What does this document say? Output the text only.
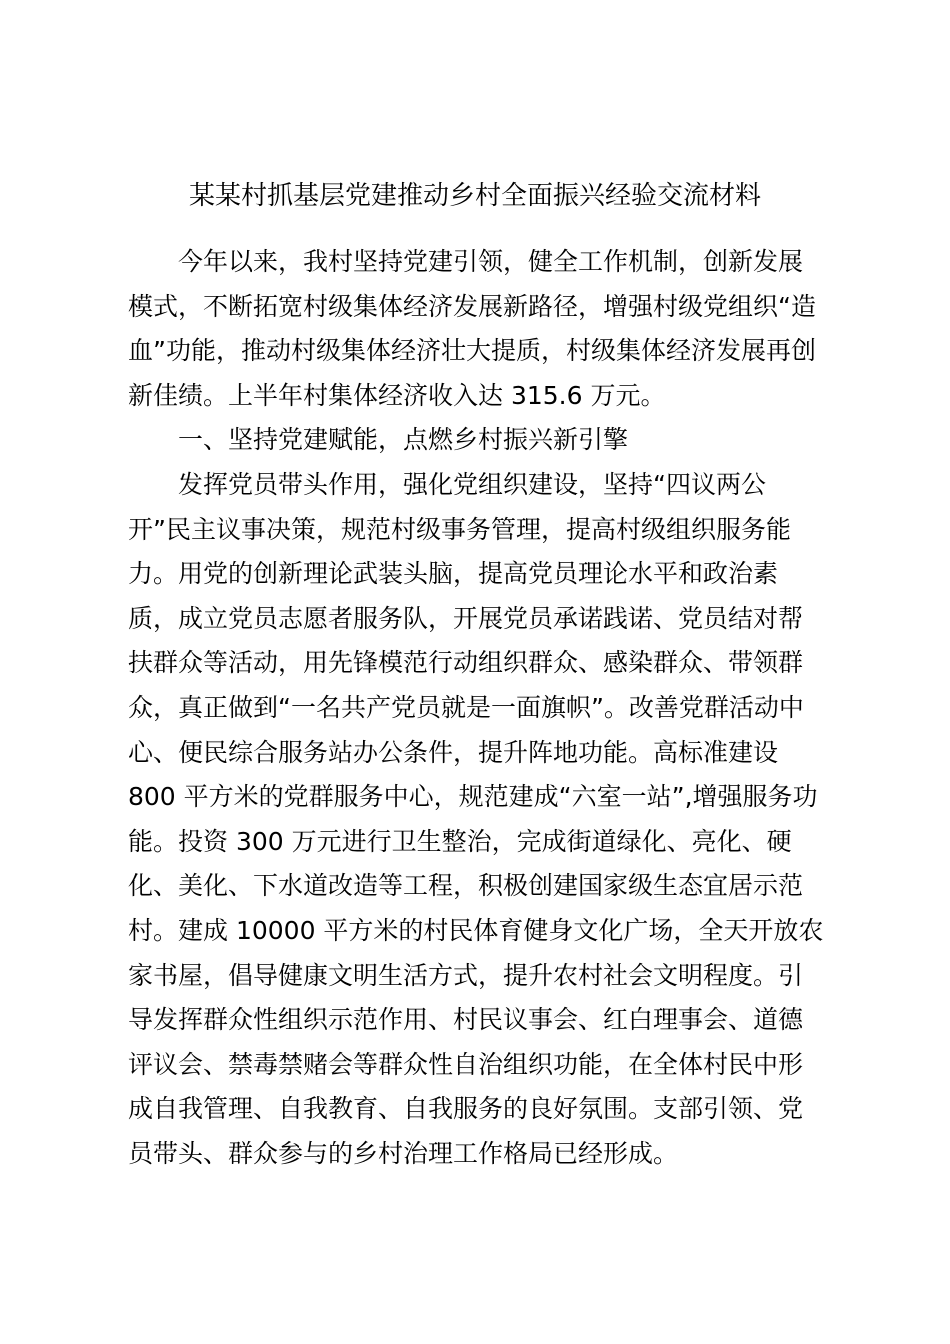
某某村抓基层党建推动乡村全面振兴经验交流材料
今年以来，我村坚持党建引领，健全工作机制，创新发展
模式，不断拓宽村级集体经济发展新路径，增强村级党组织“造
血”功能，推动村级集体经济壮大提质，村级集体经济发展再创
新佳绩。上半年村集体经济收入达 315.6 万元。
一、坚持党建赋能，点燃乡村振兴新引擎
发挥党员带头作用，强化党组织建设，坚持“四议两公
开”民主议事决策，规范村级事务管理，提高村级组织服务能
力。用党的创新理论武装头脑，提高党员理论水平和政治素
质，成立党员志愿者服务队，开展党员承诺践诺、党员结对帮
扶群众等活动，用先锋模范行动组织群众、感染群众、带领群
众，真正做到“一名共产党员就是一面旗帜”。改善党群活动中
心、便民综合服务站办公条件，提升阵地功能。高标准建设
800 平方米的党群服务中心，规范建成“六室一站”,增强服务功
能。投资 300 万元进行卫生整治，完成街道绿化、亮化、硬
化、美化、下水道改造等工程，积极创建国家级生态宜居示范
村。建成 10000 平方米的村民体育健身文化广场，全天开放农
家书屋，倡导健康文明生活方式，提升农村社会文明程度。引
导发挥群众性组织示范作用、村民议事会、红白理事会、道德
评议会、禁毒禁赌会等群众性自治组织功能，在全体村民中形
成自我管理、自我教育、自我服务的良好氛围。支部引领、党
员带头、群众参与的乡村治理工作格局已经形成。
